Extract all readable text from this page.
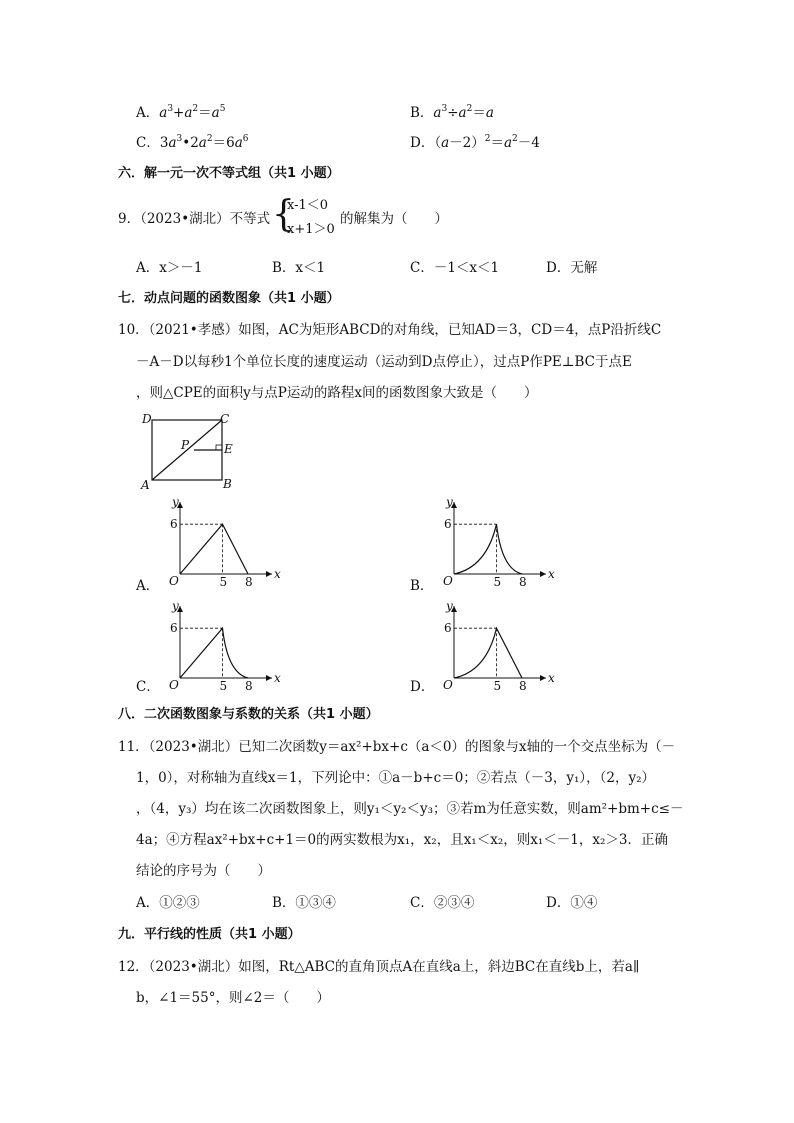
A．$a^3+a^2=a^5$	B．$a^3\div a^2=a$
C．$3a^3•2a^2=6a^6$	D．$(a-2)^2=a^2-4$
六．解一元一次不等式组（共1 小题）
9．（2023•湖北）不等式 {
x-1＜0
x+1＞0
的解集为（　　）
A．x＞－1	B．x＜1	C．－1＜x＜1	D．无解
七．动点问题的函数图象（共1 小题）
10．（2021•孝感）如图，AC为矩形ABCD的对角线，已知AD＝3，CD＝4，点P沿折线C
－A－D以每秒1个单位长度的速度运动（运动到D点停止），过点P作PE⊥BC于点E
，则△CPE的面积y与点P运动的路程x间的函数图象大致是（　　）
D	C
P	E
A	B
A．	B．
C．	D．
y
x
O
6
5 8
y
x
O
6
5 8
y
x
O
6
5 8
y
x
O
6
5 8
八．二次函数图象与系数的关系（共1 小题）
11．（2023•湖北）已知二次函数y＝ax²+bx+c（a＜0）的图象与x轴的一个交点坐标为（－
1，0），对称轴为直线x＝1，下列论中：①a－b+c＝0；②若点（－3，y₁），（2，y₂）
，（4，y₃）均在该二次函数图象上，则y₁＜y₂＜y₃；③若m为任意实数，则am²+bm+c≤－
4a；④方程ax²+bx+c+1＝0的两实数根为x₁，x₂，且x₁＜x₂，则x₁＜－1，x₂＞3．正确
结论的序号为（　　）
A．①②③	B．①③④	C．②③④	D．①④
九．平行线的性质（共1 小题）
12．（2023•湖北）如图，Rt△ABC的直角顶点A在直线a上，斜边BC在直线b上，若a∥
b，∠1＝55°，则∠2＝（　　）
